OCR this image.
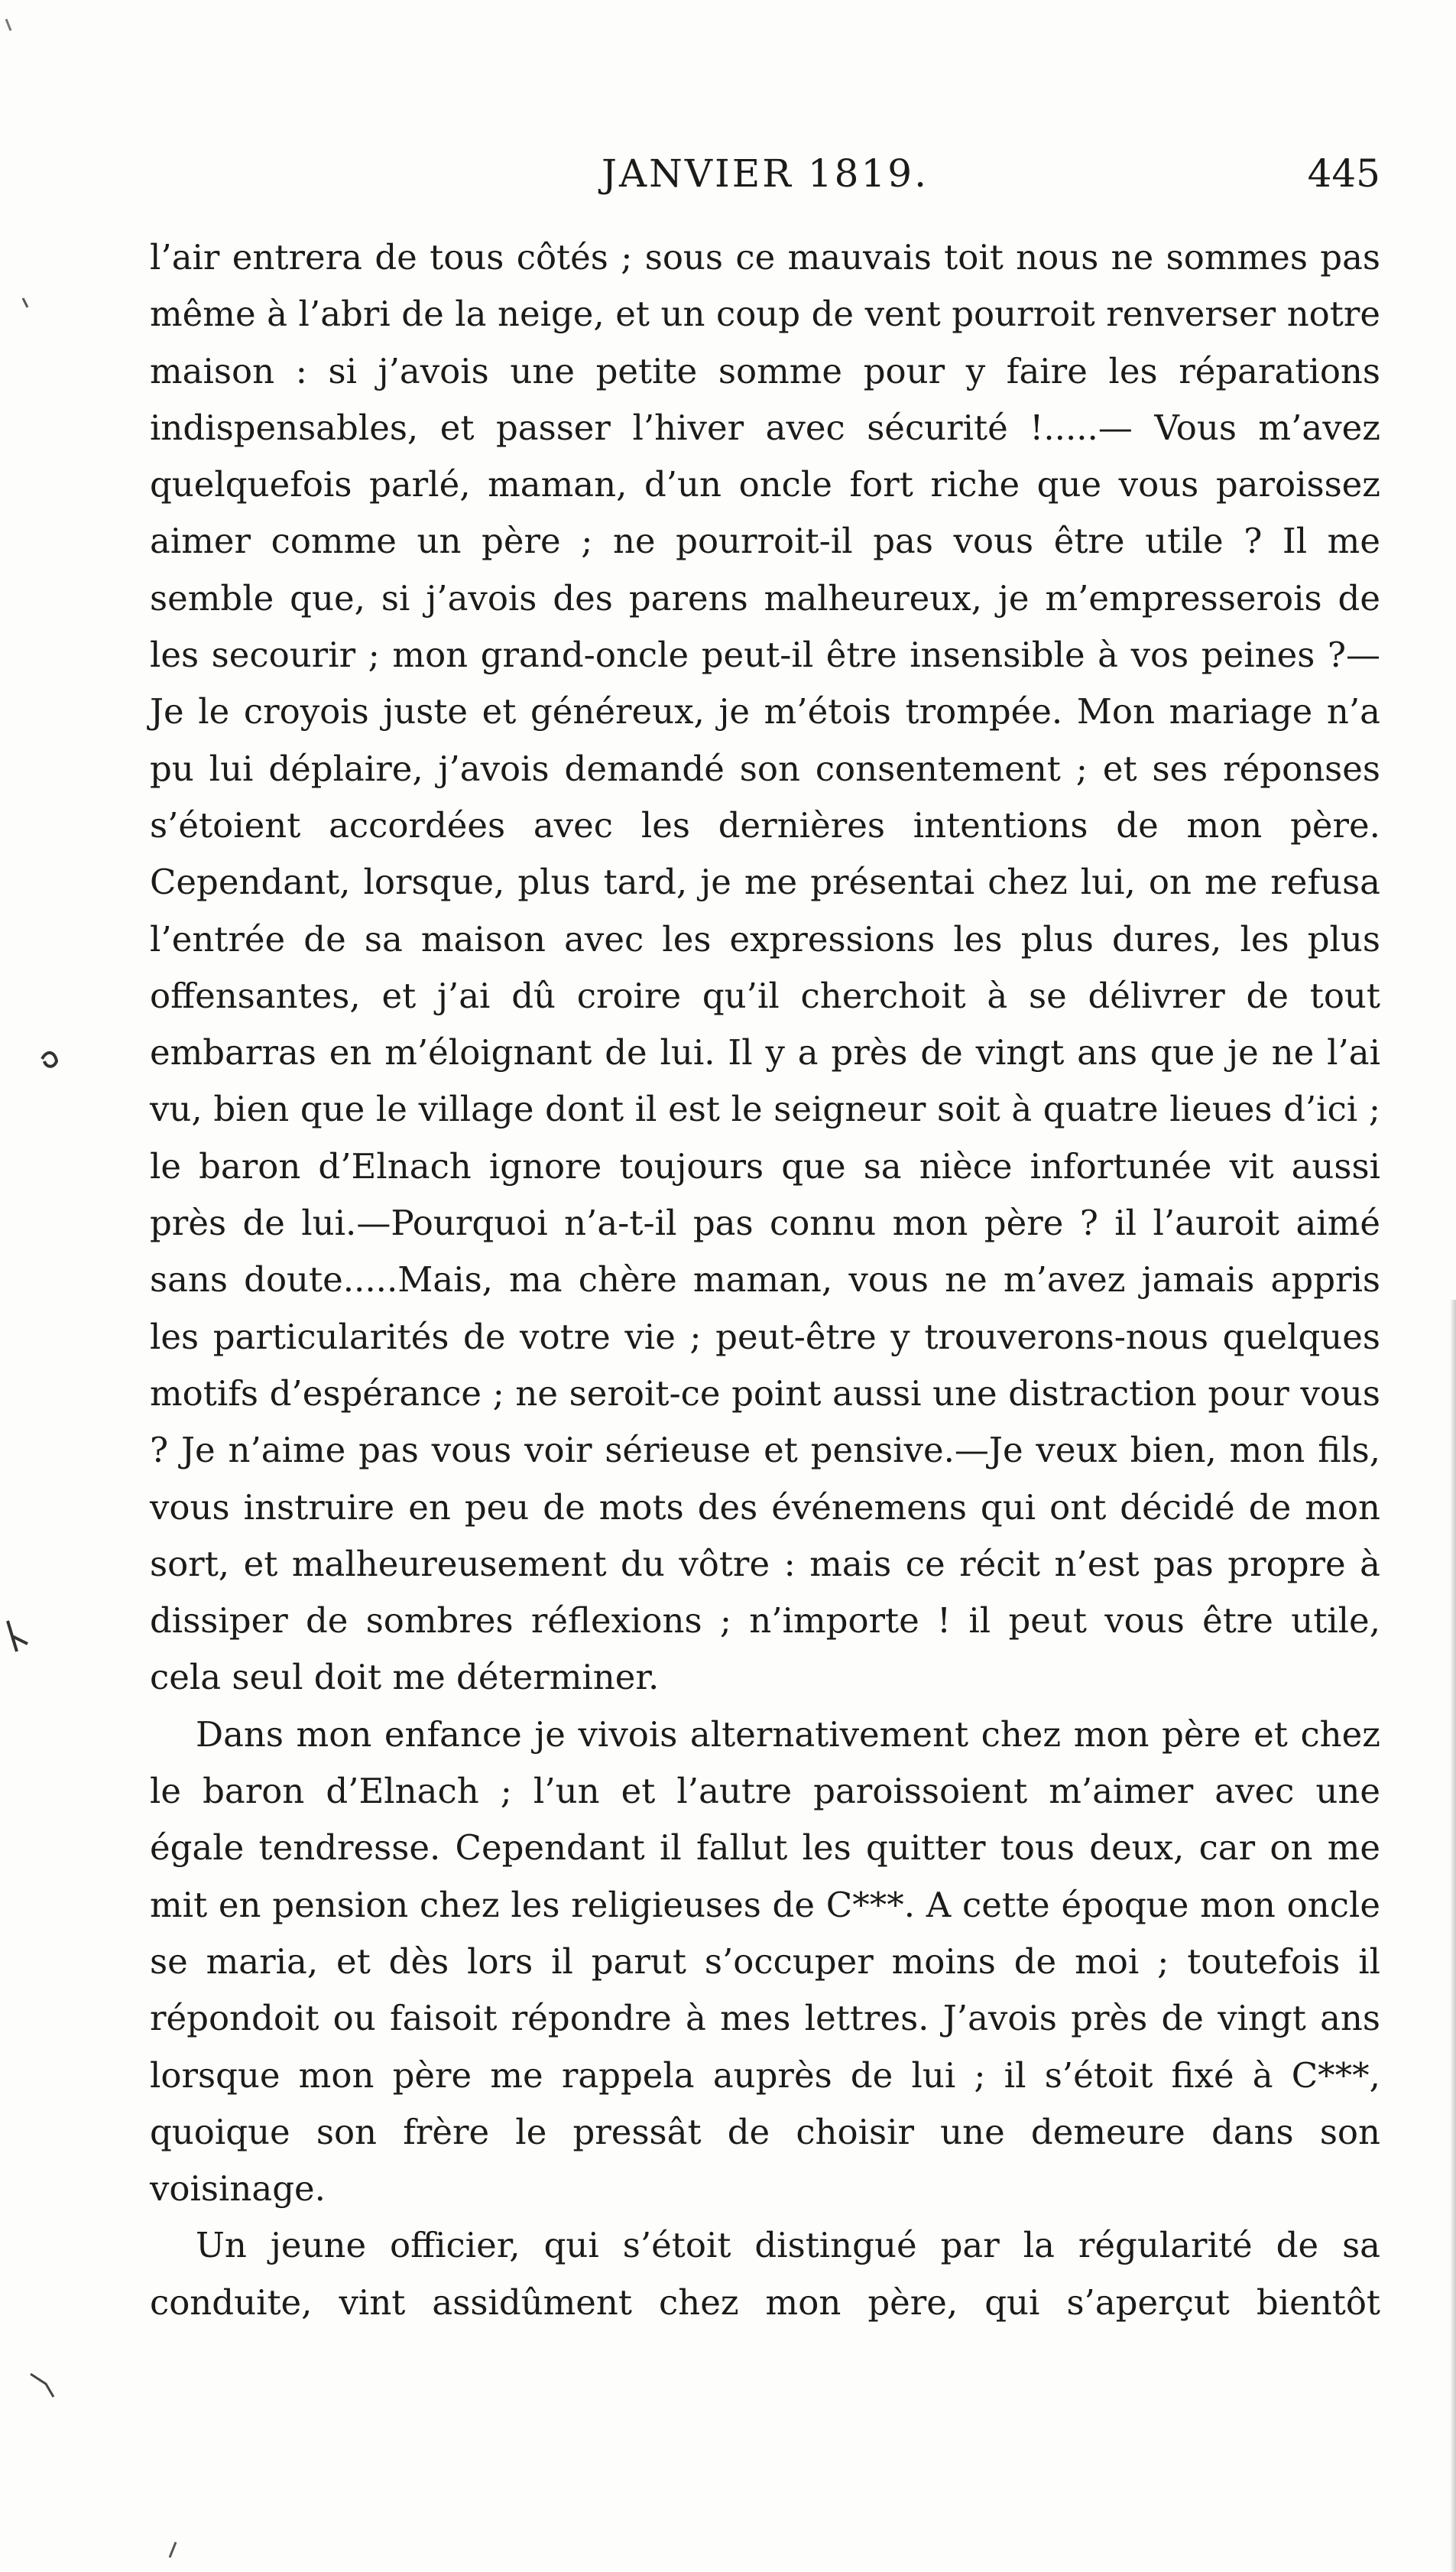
JANVIER 1819.	445

l’air entrera de tous côtés ; sous ce mauvais toit nous ne sommes pas même à l’abri de la neige, et un coup de vent pourroit renverser notre maison : si j’avois une petite somme pour y faire les réparations indispensables, et passer l’hiver avec sécurité !.....— Vous m’avez quelquefois parlé, maman, d’un oncle fort riche que vous paroissez aimer comme un père ; ne pourroit-il pas vous être utile ? Il me semble que, si j’avois des parens malheureux, je m’empresserois de les secourir ; mon grand-oncle peut-il être insensible à vos peines ?—Je le croyois juste et généreux, je m’étois trompée. Mon mariage n’a pu lui déplaire, j’avois demandé son consentement ; et ses réponses s’étoient accordées avec les dernières intentions de mon père. Cependant, lorsque, plus tard, je me présentai chez lui, on me refusa l’entrée de sa maison avec les expressions les plus dures, les plus offensantes, et j’ai dû croire qu’il cherchoit à se délivrer de tout embarras en m’éloignant de lui. Il y a près de vingt ans que je ne l’ai vu, bien que le village dont il est le seigneur soit à quatre lieues d’ici ; le baron d’Elnach ignore toujours que sa nièce infortunée vit aussi près de lui.—Pourquoi n’a-t-il pas connu mon père ? il l’auroit aimé sans doute.....Mais, ma chère maman, vous ne m’avez jamais appris les particularités de votre vie ; peut-être y trouverons-nous quelques motifs d’espérance ; ne seroit-ce point aussi une distraction pour vous ? Je n’aime pas vous voir sérieuse et pensive.—Je veux bien, mon fils, vous instruire en peu de mots des événemens qui ont décidé de mon sort, et malheureusement du vôtre : mais ce récit n’est pas propre à dissiper de sombres réflexions ; n’importe ! il peut vous être utile, cela seul doit me déterminer.

Dans mon enfance je vivois alternativement chez mon père et chez le baron d’Elnach ; l’un et l’autre paroissoient m’aimer avec une égale tendresse. Cependant il fallut les quitter tous deux, car on me mit en pension chez les religieuses de C***. A cette époque mon oncle se maria, et dès lors il parut s’occuper moins de moi ; toutefois il répondoit ou faisoit répondre à mes lettres. J’avois près de vingt ans lorsque mon père me rappela auprès de lui ; il s’étoit fixé à C***, quoique son frère le pressât de choisir une demeure dans son voisinage.

Un jeune officier, qui s’étoit distingué par la régularité de sa conduite, vint assidûment chez mon père, qui s’aperçut bientôt
